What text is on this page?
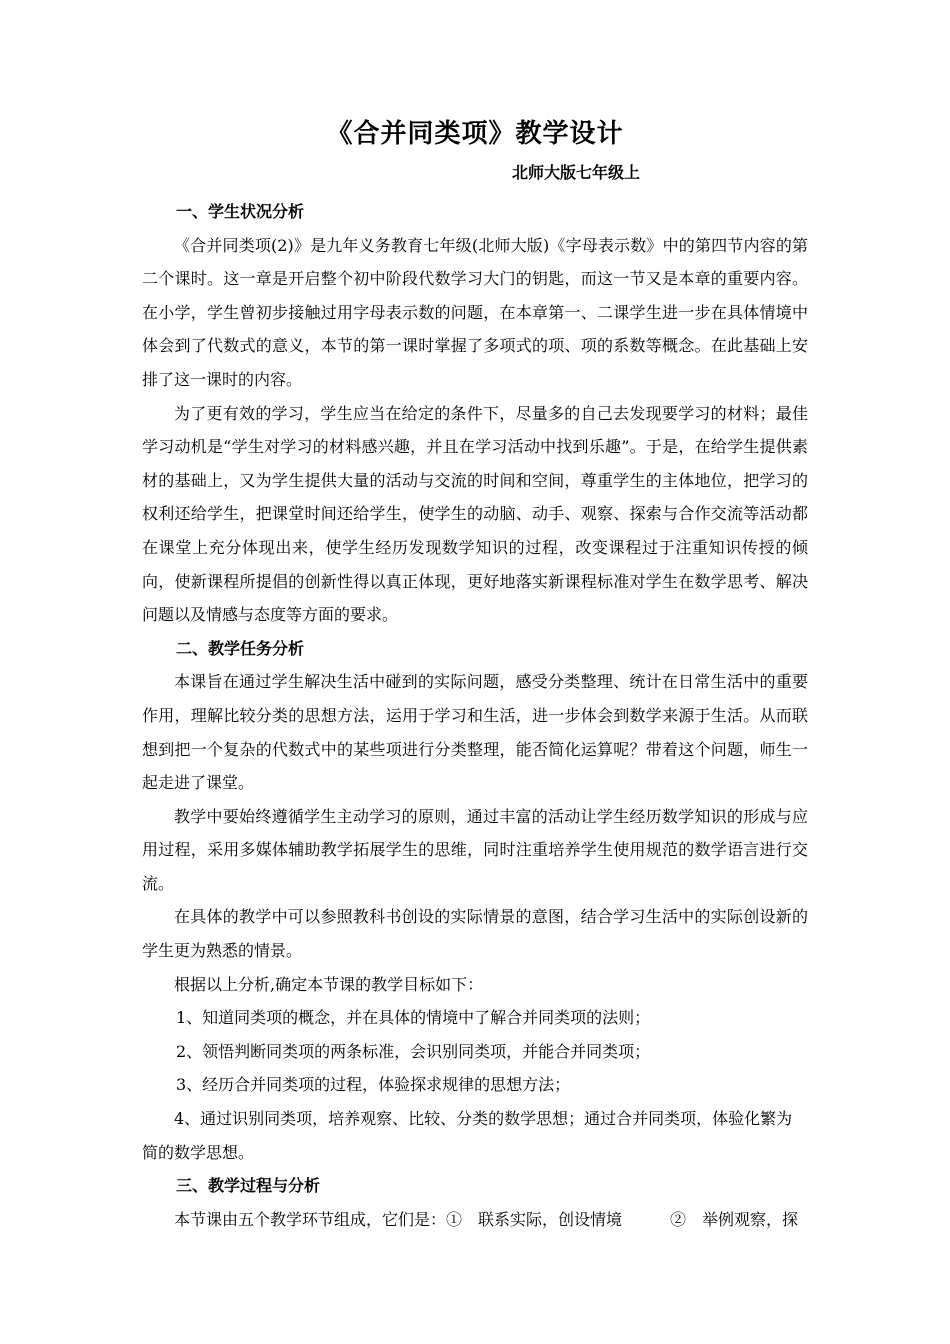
《合并同类项》教学设计
北师大版七年级上

一、学生状况分析

《合并同类项(2)》是九年义务教育七年级(北师大版)《字母表示数》中的第四节内容的第二个课时。这一章是开启整个初中阶段代数学习大门的钥匙，而这一节又是本章的重要内容。在小学，学生曾初步接触过用字母表示数的问题，在本章第一、二课学生进一步在具体情境中体会到了代数式的意义，本节的第一课时掌握了多项式的项、项的系数等概念。在此基础上安排了这一课时的内容。

为了更有效的学习，学生应当在给定的条件下，尽量多的自己去发现要学习的材料；最佳学习动机是“学生对学习的材料感兴趣，并且在学习活动中找到乐趣”。于是，在给学生提供素材的基础上，又为学生提供大量的活动与交流的时间和空间，尊重学生的主体地位，把学习的权利还给学生，把课堂时间还给学生，使学生的动脑、动手、观察、探索与合作交流等活动都在课堂上充分体现出来，使学生经历发现数学知识的过程，改变课程过于注重知识传授的倾向，使新课程所提倡的创新性得以真正体现，更好地落实新课程标准对学生在数学思考、解决问题以及情感与态度等方面的要求。

二、教学任务分析

本课旨在通过学生解决生活中碰到的实际问题，感受分类整理、统计在日常生活中的重要作用，理解比较分类的思想方法，运用于学习和生活，进一步体会到数学来源于生活。从而联想到把一个复杂的代数式中的某些项进行分类整理，能否简化运算呢？带着这个问题，师生一起走进了课堂。

教学中要始终遵循学生主动学习的原则，通过丰富的活动让学生经历数学知识的形成与应用过程，采用多媒体辅助教学拓展学生的思维，同时注重培养学生使用规范的数学语言进行交流。

在具体的教学中可以参照教科书创设的实际情景的意图，结合学习生活中的实际创设新的学生更为熟悉的情景。

根据以上分析,确定本节课的教学目标如下：

1、知道同类项的概念，并在具体的情境中了解合并同类项的法则；

2、领悟判断同类项的两条标准，会识别同类项，并能合并同类项；

3、经历合并同类项的过程，体验探求规律的思想方法；

4、通过识别同类项，培养观察、比较、分类的数学思想；通过合并同类项，体验化繁为简的数学思想。

三、教学过程与分析

本节课由五个教学环节组成，它们是：①　联系实际，创设情境　　　②　举例观察，探
